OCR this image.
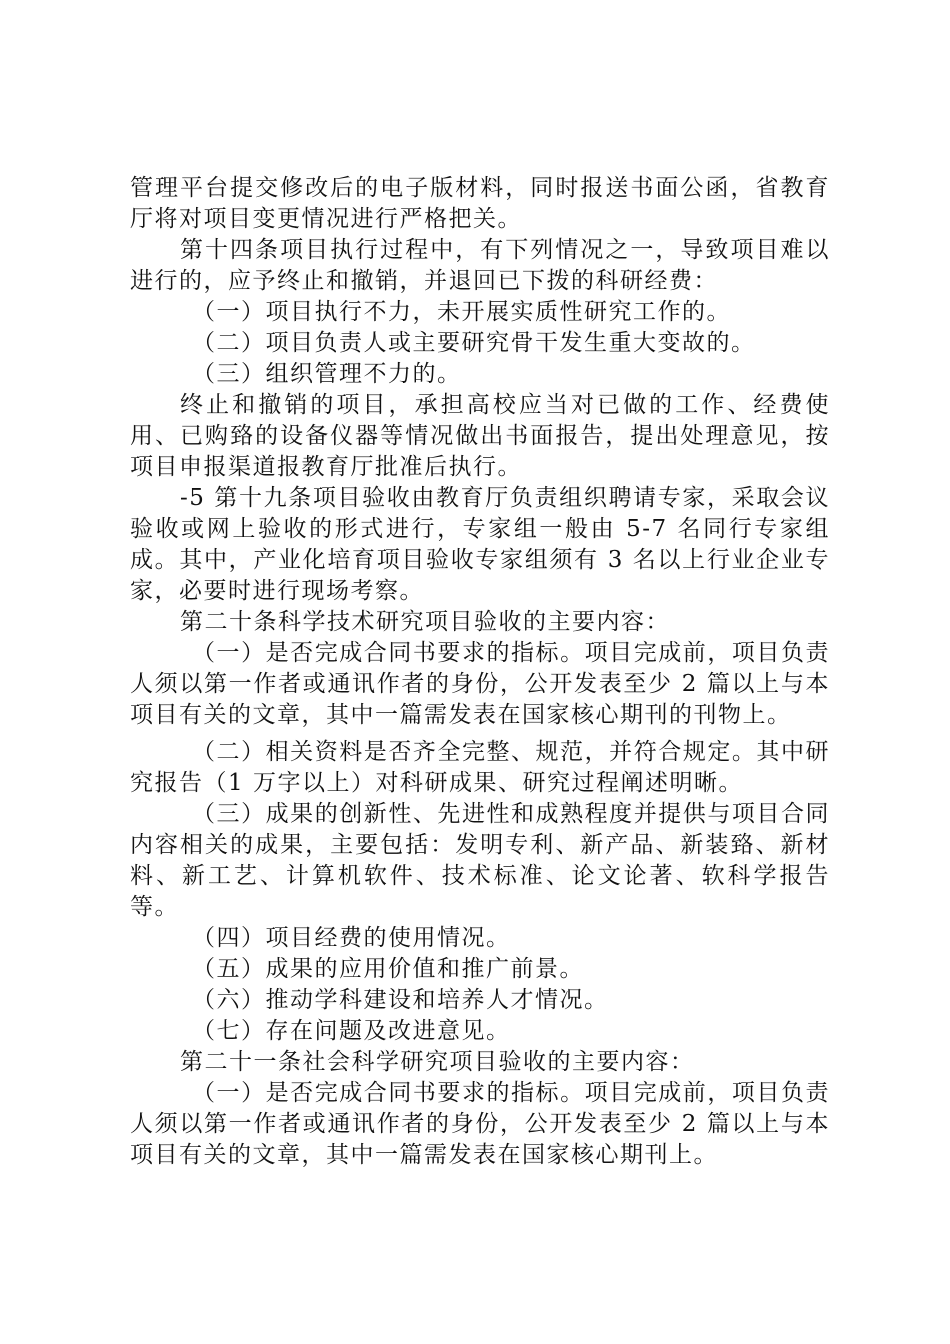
管理平台提交修改后的电子版材料，同时报送书面公函，省教育厅将对项目变更情况进行严格把关。

第十四条项目执行过程中，有下列情况之一，导致项目难以进行的，应予终止和撤销，并退回已下拨的科研经费：

（一）项目执行不力，未开展实质性研究工作的。

（二）项目负责人或主要研究骨干发生重大变故的。

（三）组织管理不力的。

终止和撤销的项目，承担高校应当对已做的工作、经费使用、已购臵的设备仪器等情况做出书面报告，提出处理意见，按项目申报渠道报教育厅批准后执行。

-5 第十九条项目验收由教育厅负责组织聘请专家，采取会议验收或网上验收的形式进行，专家组一般由 5-7 名同行专家组成。其中，产业化培育项目验收专家组须有 3 名以上行业企业专家，必要时进行现场考察。

第二十条科学技术研究项目验收的主要内容：

（一）是否完成合同书要求的指标。项目完成前，项目负责人须以第一作者或通讯作者的身份，公开发表至少 2 篇以上与本项目有关的文章，其中一篇需发表在国家核心期刊的刊物上。

（二）相关资料是否齐全完整、规范，并符合规定。其中研究报告（1 万字以上）对科研成果、研究过程阐述明晰。

（三）成果的创新性、先进性和成熟程度并提供与项目合同内容相关的成果，主要包括：发明专利、新产品、新装臵、新材料、新工艺、计算机软件、技术标准、论文论著、软科学报告等。

（四）项目经费的使用情况。

（五）成果的应用价值和推广前景。

（六）推动学科建设和培养人才情况。

（七）存在问题及改进意见。

第二十一条社会科学研究项目验收的主要内容：

（一）是否完成合同书要求的指标。项目完成前，项目负责人须以第一作者或通讯作者的身份，公开发表至少 2 篇以上与本项目有关的文章，其中一篇需发表在国家核心期刊上。
